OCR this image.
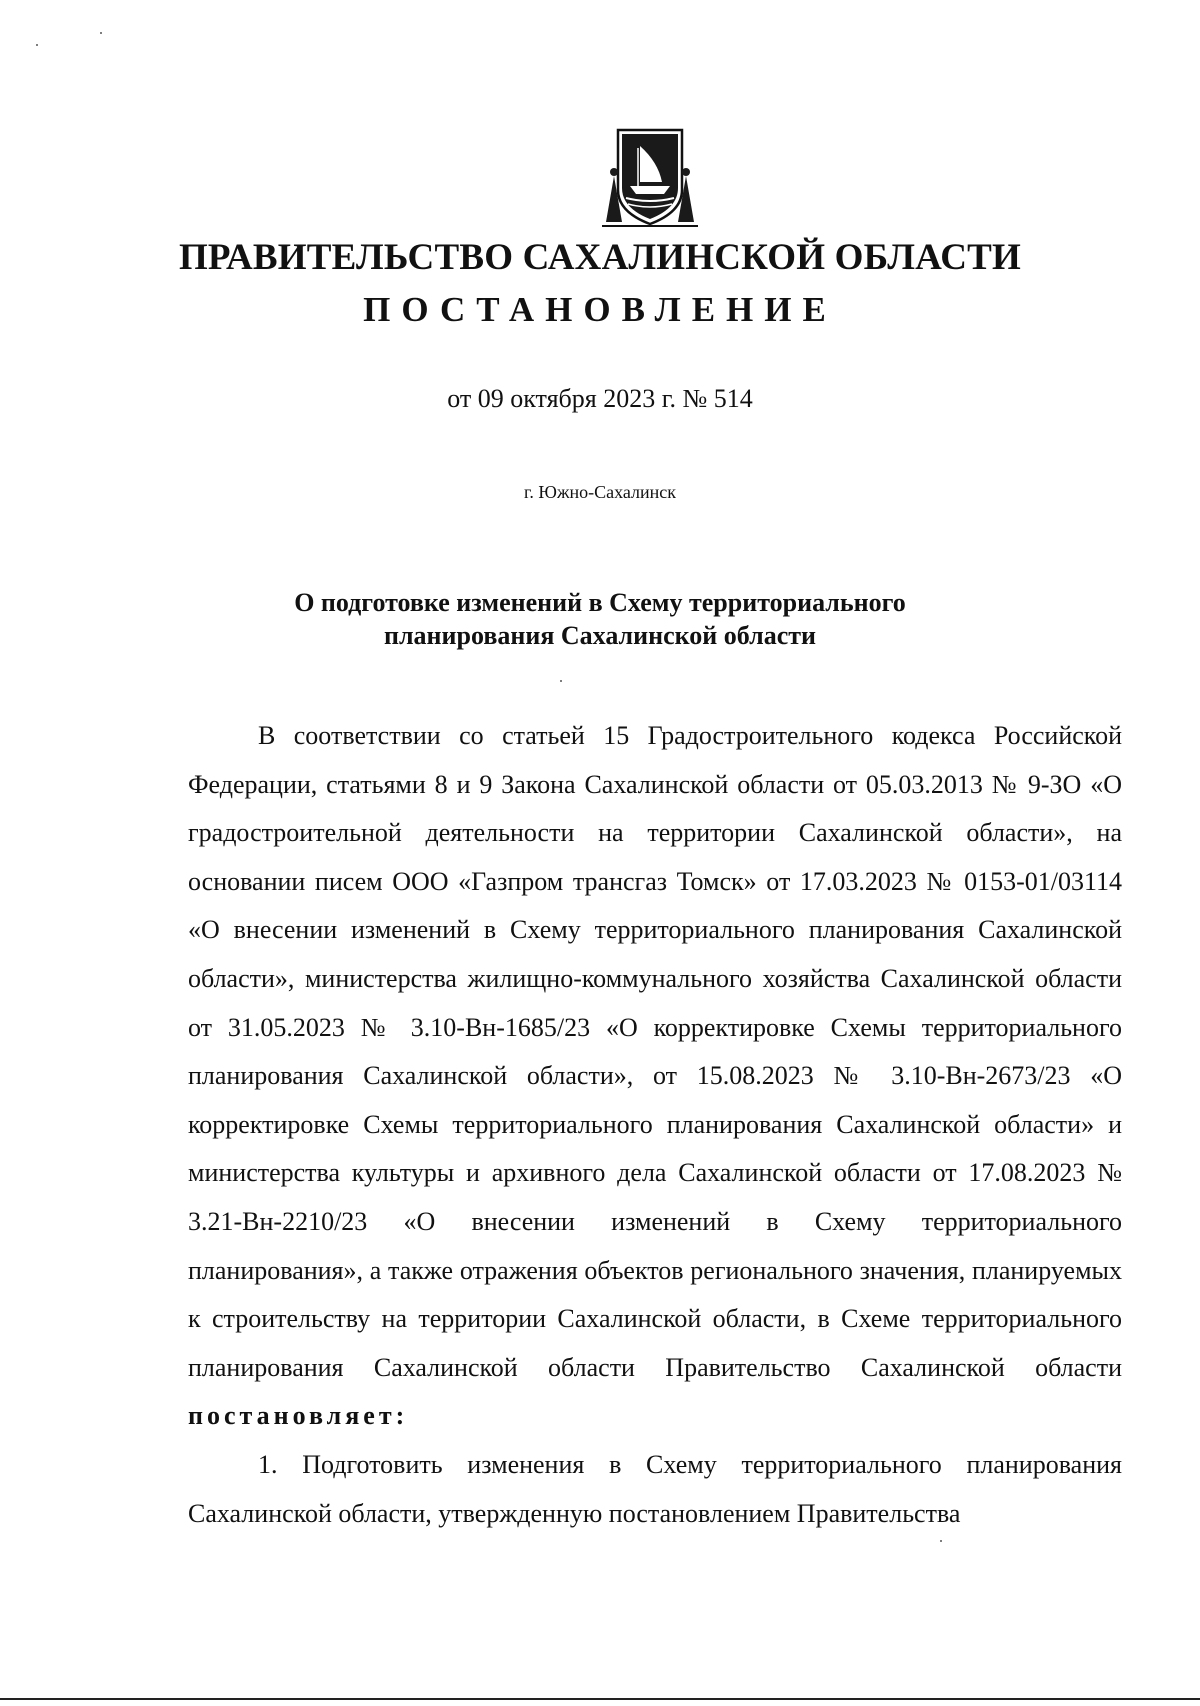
ПРАВИТЕЛЬСТВО САХАЛИНСКОЙ ОБЛАСТИ
ПОСТАНОВЛЕНИЕ
от 09 октября 2023 г. № 514
г. Южно-Сахалинск
О подготовке изменений в Схему территориального
планирования Сахалинской области

В соответствии со статьей 15 Градостроительного кодекса Российской Федерации, статьями 8 и 9 Закона Сахалинской области от 05.03.2013 № 9-ЗО «О градостроительной деятельности на территории Сахалинской области», на основании писем ООО «Газпром трансгаз Томск» от 17.03.2023 № 0153-01/03114 «О внесении изменений в Схему территориального планирования Сахалинской области», министерства жилищно-коммунального хозяйства Сахалинской области от 31.05.2023 № 3.10-Вн-1685/23 «О корректировке Схемы территориального планирования Сахалинской области», от 15.08.2023 № 3.10-Вн-2673/23 «О корректировке Схемы территориального планирования Сахалинской области» и министерства культуры и архивного дела Сахалинской области от 17.08.2023 № 3.21-Вн-2210/23 «О внесении изменений в Схему территориального планирования», а также отражения объектов регионального значения, планируемых к строительству на территории Сахалинской области, в Схеме территориального планирования Сахалинской области Правительство Сахалинской области постановляет:

1. Подготовить изменения в Схему территориального планирования Сахалинской области, утвержденную постановлением Правительства
